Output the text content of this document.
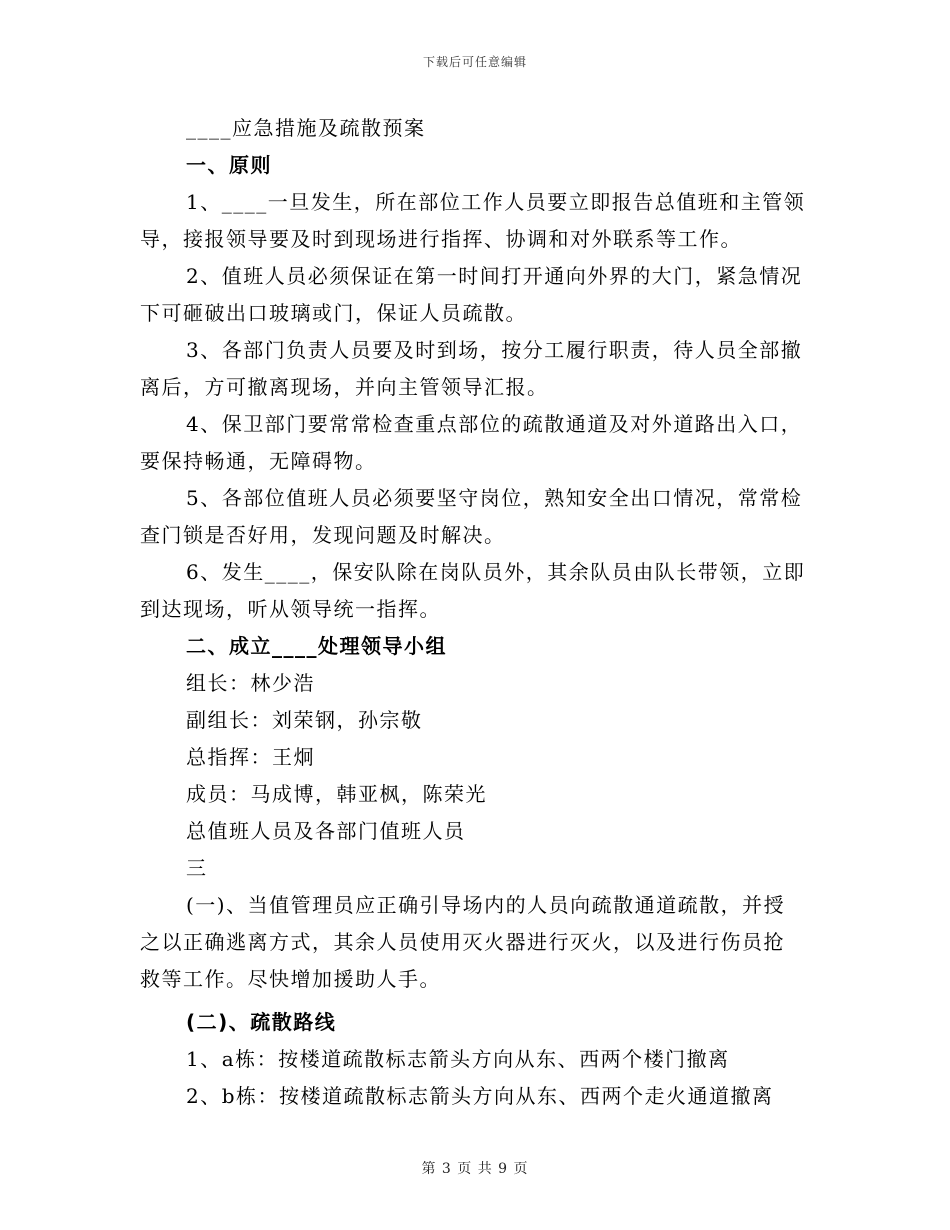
下载后可任意编辑
____应急措施及疏散预案
一、原则
1、____一旦发生，所在部位工作人员要立即报告总值班和主管领
导，接报领导要及时到现场进行指挥、协调和对外联系等工作。
2、值班人员必须保证在第一时间打开通向外界的大门，紧急情况
下可砸破出口玻璃或门，保证人员疏散。
3、各部门负责人员要及时到场，按分工履行职责，待人员全部撤
离后，方可撤离现场，并向主管领导汇报。
4、保卫部门要常常检查重点部位的疏散通道及对外道路出入口，
要保持畅通，无障碍物。
5、各部位值班人员必须要坚守岗位，熟知安全出口情况，常常检
查门锁是否好用，发现问题及时解决。
6、发生____，保安队除在岗队员外，其余队员由队长带领，立即
到达现场，听从领导统一指挥。
二、成立____处理领导小组
组长：林少浩
副组长：刘荣钢，孙宗敬
总指挥：王炯
成员：马成博，韩亚枫，陈荣光
总值班人员及各部门值班人员
三
(一)、当值管理员应正确引导场内的人员向疏散通道疏散，并授
之以正确逃离方式，其余人员使用灭火器进行灭火，以及进行伤员抢
救等工作。尽快增加援助人手。
(二)、疏散路线
1、a栋：按楼道疏散标志箭头方向从东、西两个楼门撤离
2、b栋：按楼道疏散标志箭头方向从东、西两个走火通道撤离
第 3 页 共 9 页
